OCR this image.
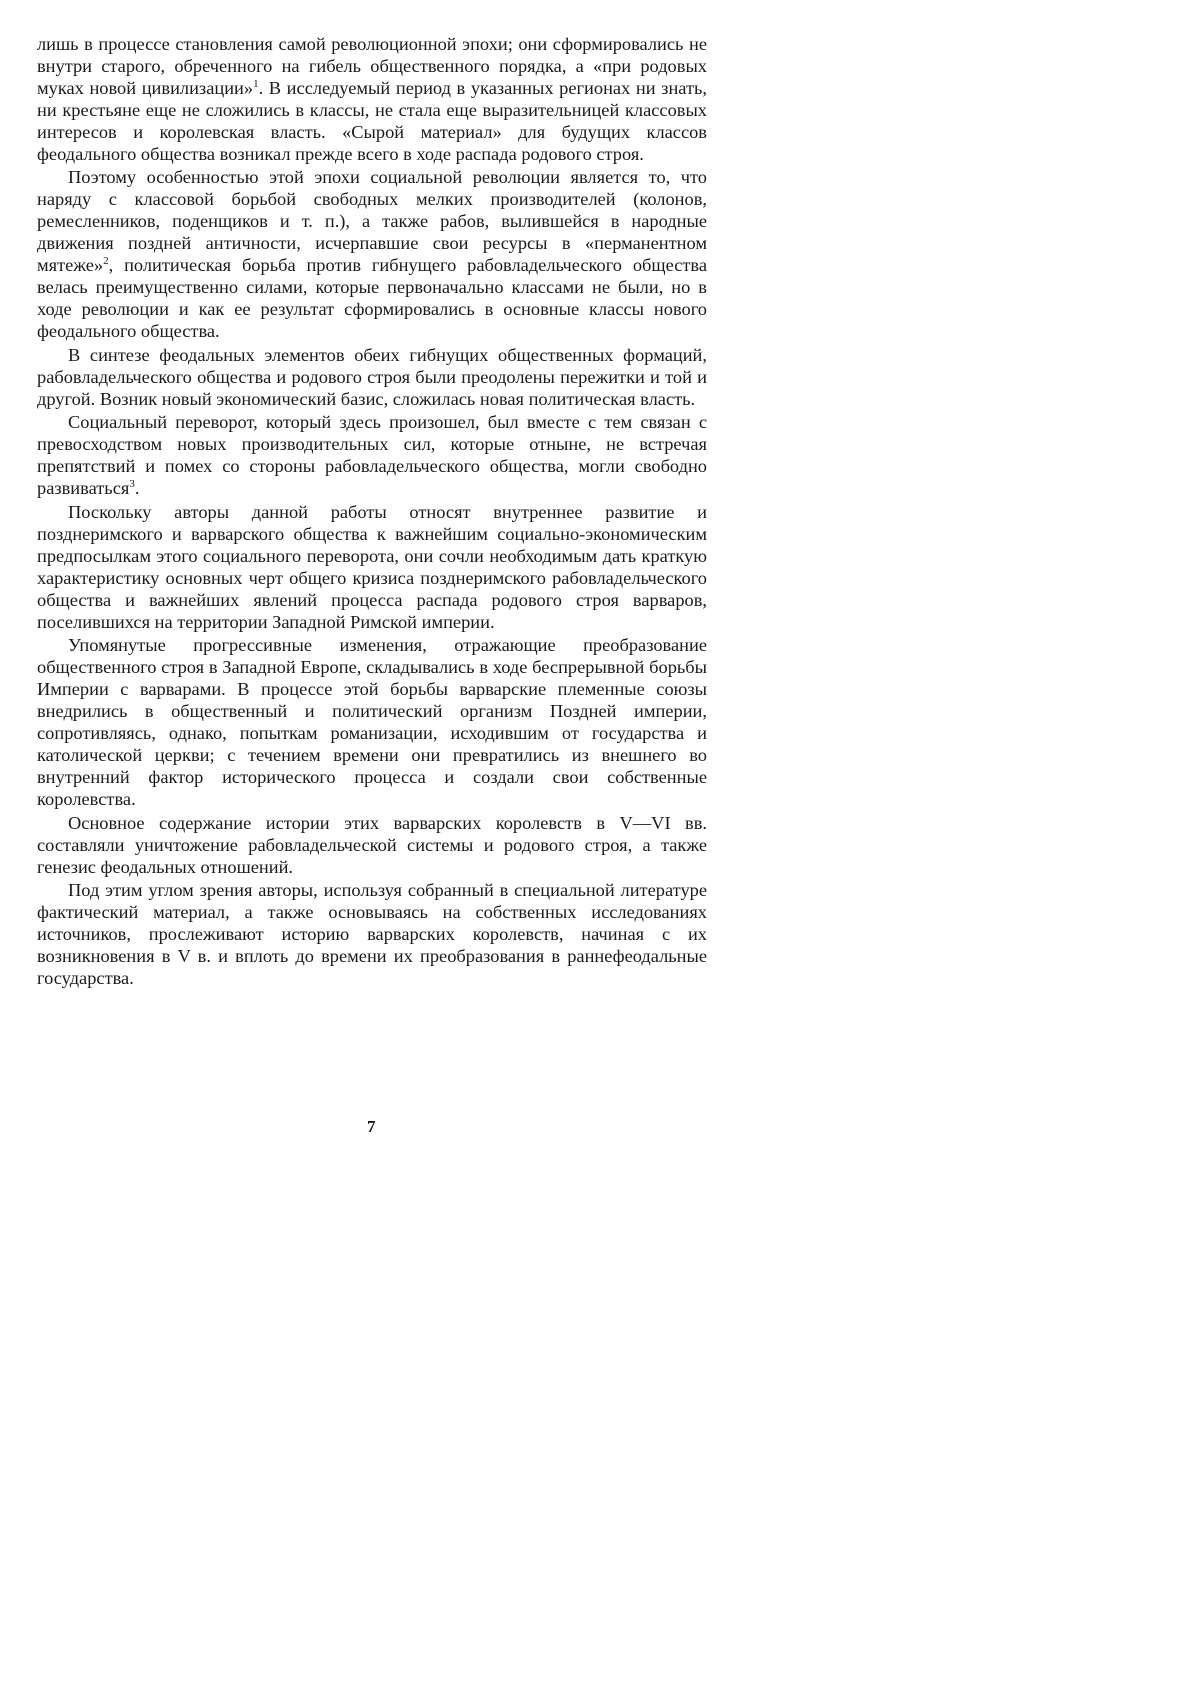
лишь в процессе становления самой революционной эпохи; они сформировались не внутри старого, обреченного на гибель общественного порядка, а «при родовых муках новой цивилизации»$^1$. В исследуемый период в указанных регионах ни знать, ни крестьяне еще не сложились в классы, не стала еще выразительницей классовых интересов и королевская власть. «Сырой материал» для будущих классов феодального общества возникал прежде всего в ходе распада родового строя.

Поэтому особенностью этой эпохи социальной революции является то, что наряду с классовой борьбой свободных мелких производителей (колонов, ремесленников, поденщиков и т. п.), а также рабов, вылившейся в народные движения поздней античности, исчерпавшие свои ресурсы в «перманентном мятеже»$^2$, политическая борьба против гибнущего рабовладельческого общества велась преимущественно силами, которые первоначально классами не были, но в ходе революции и как ее результат сформировались в основные классы нового феодального общества.

В синтезе феодальных элементов обеих гибнущих общественных формаций, рабовладельческого общества и родового строя были преодолены пережитки и той и другой. Возник новый экономический базис, сложилась новая политическая власть.

Социальный переворот, который здесь произошел, был вместе с тем связан с превосходством новых производительных сил, которые отныне, не встречая препятствий и помех со стороны рабовладельческого общества, могли свободно развиваться$^3$.

Поскольку авторы данной работы относят внутреннее развитие и позднеримского и варварского общества к важнейшим социально-экономическим предпосылкам этого социального переворота, они сочли необходимым дать краткую характеристику основных черт общего кризиса позднеримского рабовладельческого общества и важнейших явлений процесса распада родового строя варваров, поселившихся на территории Западной Римской империи.

Упомянутые прогрессивные изменения, отражающие преобразование общественного строя в Западной Европе, складывались в ходе беспрерывной борьбы Империи с варварами. В процессе этой борьбы варварские племенные союзы внедрились в общественный и политический организм Поздней империи, сопротивляясь, однако, попыткам романизации, исходившим от государства и католической церкви; с течением времени они превратились из внешнего во внутренний фактор исторического процесса и создали свои собственные королевства.

Основное содержание истории этих варварских королевств в V—VI вв. составляли уничтожение рабовладельческой системы и родового строя, а также генезис феодальных отношений.

Под этим углом зрения авторы, используя собранный в специальной литературе фактический материал, а также основываясь на собственных исследованиях источников, прослеживают историю варварских королевств, начиная с их возникновения в V в. и вплоть до времени их преобразования в раннефеодальные государства.

7
